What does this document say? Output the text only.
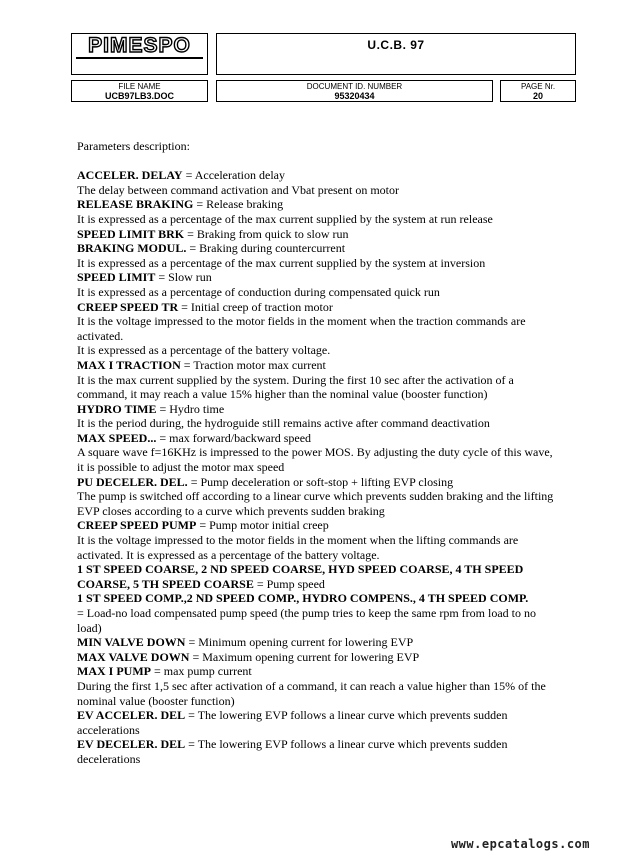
PIMESPO	U.C.B. 97
FILE NAME
UCB97LB3.DOC
DOCUMENT ID. NUMBER
95320434
PAGE Nr.
20
Parameters description:
ACCELER. DELAY = Acceleration delay
The delay between command activation and Vbat present on motor
RELEASE BRAKING = Release braking
It is expressed as a percentage of the max current supplied by the system at run release
SPEED LIMIT BRK = Braking from quick to slow run
BRAKING MODUL. = Braking during countercurrent
It is expressed as a percentage of the max current supplied by the system at inversion
SPEED LIMIT = Slow run
It is expressed as a percentage of conduction during compensated quick run
CREEP SPEED TR = Initial creep of traction motor
It is the voltage impressed to the motor fields in the moment when the traction commands are
activated.
It is expressed as a percentage of the battery voltage.
MAX I TRACTION = Traction motor max current
It is the max current supplied by the system. During the first 10 sec after the activation of a
command, it may reach a value 15% higher than the nominal value (booster function)
HYDRO TIME = Hydro time
It is the period during, the hydroguide still remains active after command deactivation
MAX SPEED... = max forward/backward speed
A square wave f=16KHz is impressed to the power MOS. By adjusting the duty cycle of this wave,
it is possible to adjust the motor max speed
PU DECELER. DEL. = Pump deceleration or soft-stop + lifting EVP closing
The pump is switched off according to a linear curve which prevents sudden braking and the lifting
EVP closes according to a curve which prevents sudden braking
CREEP SPEED PUMP = Pump motor initial creep
It is the voltage impressed to the motor fields in the moment when the lifting commands are
activated. It is expressed as a percentage of the battery voltage.
1 ST SPEED COARSE, 2 ND SPEED COARSE, HYD SPEED COARSE, 4 TH SPEED
COARSE, 5 TH SPEED COARSE = Pump speed
1 ST SPEED COMP.,2 ND SPEED COMP., HYDRO COMPENS., 4 TH SPEED COMP.
= Load-no load compensated pump speed (the pump tries to keep the same rpm from load to no
load)
MIN VALVE DOWN = Minimum opening current for lowering EVP
MAX VALVE DOWN = Maximum opening current for lowering EVP
MAX I PUMP = max pump current
During the first 1,5 sec after activation of a command, it can reach a value higher than 15% of the
nominal value (booster function)
EV ACCELER. DEL = The lowering EVP follows a linear curve which prevents sudden
accelerations
EV DECELER. DEL = The lowering EVP follows a linear curve which prevents sudden
decelerations
www.epcatalogs.com
